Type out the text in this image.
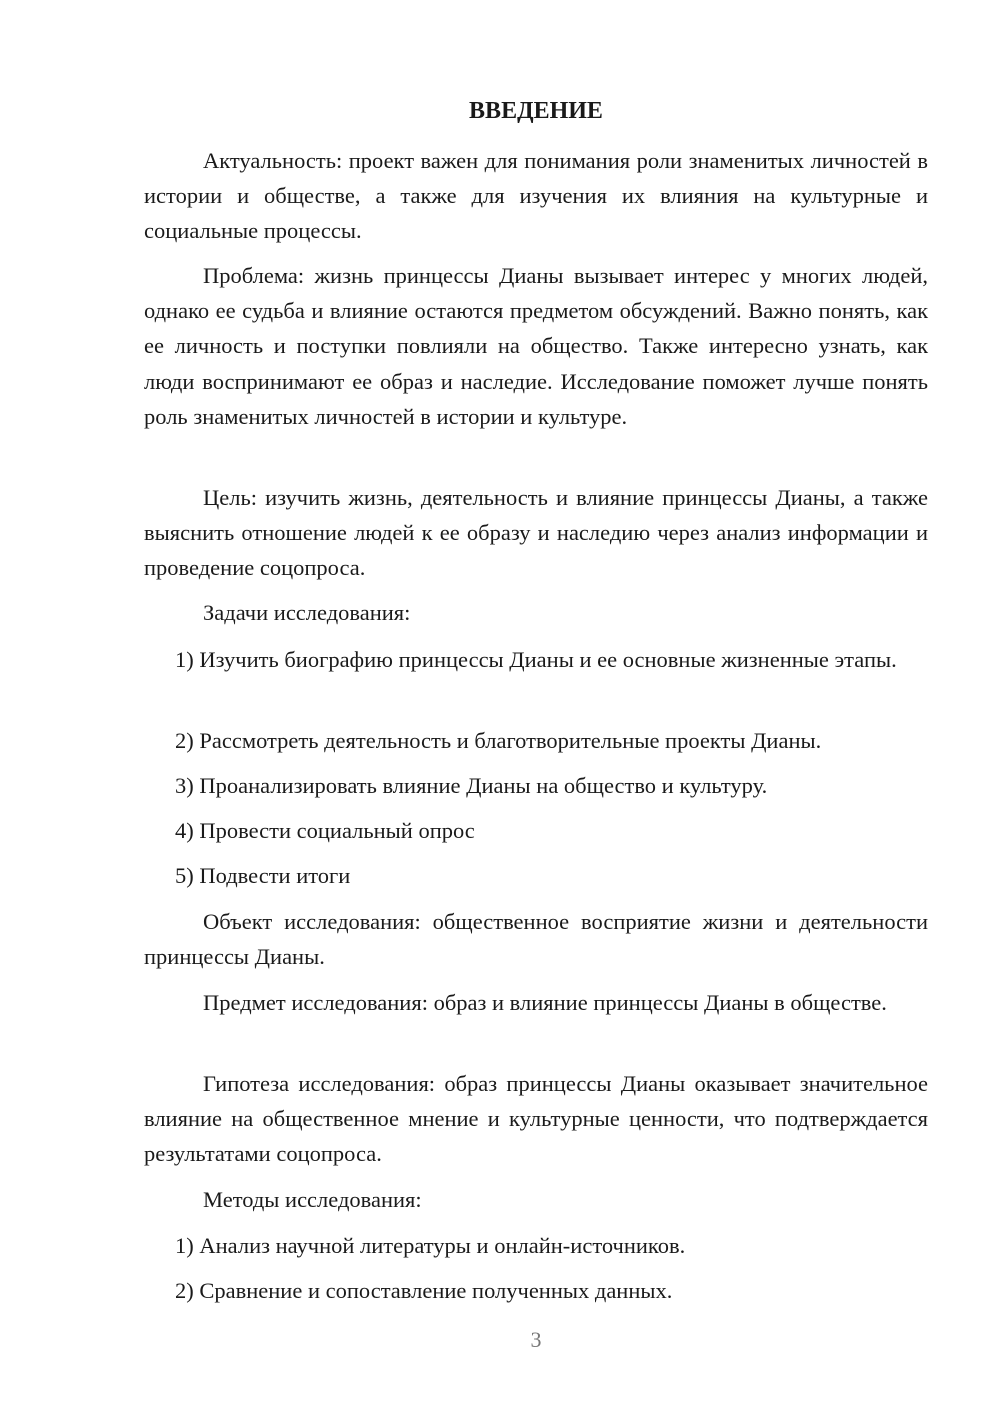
ВВЕДЕНИЕ

Актуальность: проект важен для понимания роли знаменитых личностей в истории и обществе, а также для изучения их влияния на культурные и социальные процессы.

Проблема: жизнь принцессы Дианы вызывает интерес у многих людей, однако ее судьба и влияние остаются предметом обсуждений. Важно понять, как ее личность и поступки повлияли на общество. Также интересно узнать, как люди воспринимают ее образ и наследие. Исследование поможет лучше понять роль знаменитых личностей в истории и культуре.

Цель: изучить жизнь, деятельность и влияние принцессы Дианы, а также выяснить отношение людей к ее образу и наследию через анализ информации и проведение соцопроса.

Задачи исследования:

1) Изучить биографию принцессы Дианы и ее основные жизненные этапы.

2) Рассмотреть деятельность и благотворительные проекты Дианы.

3) Проанализировать влияние Дианы на общество и культуру.

4) Провести социальный опрос

5) Подвести итоги

Объект исследования: общественное восприятие жизни и деятельности принцессы Дианы.

Предмет исследования: образ и влияние принцессы Дианы в обществе.

Гипотеза исследования: образ принцессы Дианы оказывает значительное влияние на общественное мнение и культурные ценности, что подтверждается результатами соцопроса.

Методы исследования:

1) Анализ научной литературы и онлайн-источников.

2) Сравнение и сопоставление полученных данных.

3
